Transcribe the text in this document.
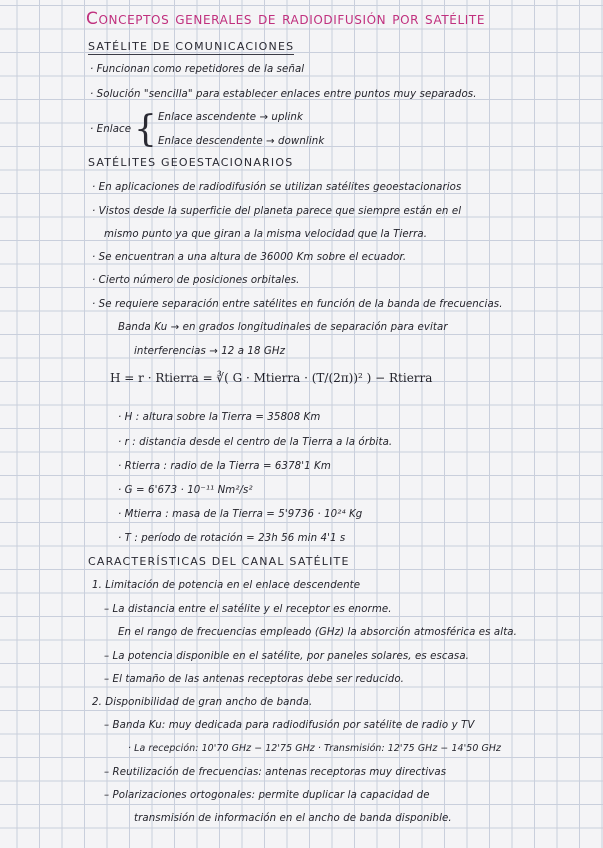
Conceptos generales de radiodifusión por satélite
SATÉLITE DE COMUNICACIONES
· Funcionan como repetidores de la señal
· Solución "sencilla" para establecer enlaces entre puntos muy separados.
· Enlace { Enlace ascendente → uplink
Enlace descendente → downlink
SATÉLITES GEOESTACIONARIOS
· En aplicaciones de radiodifusión se utilizan satélites geoestacionarios
· Vistos desde la superficie del planeta parece que siempre están en el
mismo punto ya que giran a la misma velocidad que la Tierra.
· Se encuentran a una altura de 36000 Km sobre el ecuador.
· Cierto número de posiciones orbitales.
· Se requiere separación entre satélites en función de la banda de frecuencias.
Banda Ku → en grados longitudinales de separación para evitar
interferencias → 12 a 18 GHz
H = r · Rtierra = ∛( G · Mtierra · (T/(2π))² ) − Rtierra
· H : altura sobre la Tierra = 35808 Km
· r : distancia desde el centro de la Tierra a la órbita.
· Rtierra : radio de la Tierra = 6378'1 Km
· G = 6'673 · 10⁻¹¹ Nm²/s²
· Mtierra : masa de la Tierra = 5'9736 · 10²⁴ Kg
· T : período de rotación = 23h 56 min 4'1 s
CARACTERÍSTICAS DEL CANAL SATÉLITE
1. Limitación de potencia en el enlace descendente
– La distancia entre el satélite y el receptor es enorme.
En el rango de frecuencias empleado (GHz) la absorción atmosférica es alta.
– La potencia disponible en el satélite, por paneles solares, es escasa.
– El tamaño de las antenas receptoras debe ser reducido.
2. Disponibilidad de gran ancho de banda.
– Banda Ku: muy dedicada para radiodifusión por satélite de radio y TV
· La recepción: 10'70 GHz − 12'75 GHz · Transmisión: 12'75 GHz − 14'50 GHz
– Reutilización de frecuencias: antenas receptoras muy directivas
– Polarizaciones ortogonales: permite duplicar la capacidad de
transmisión de información en el ancho de banda disponible.
